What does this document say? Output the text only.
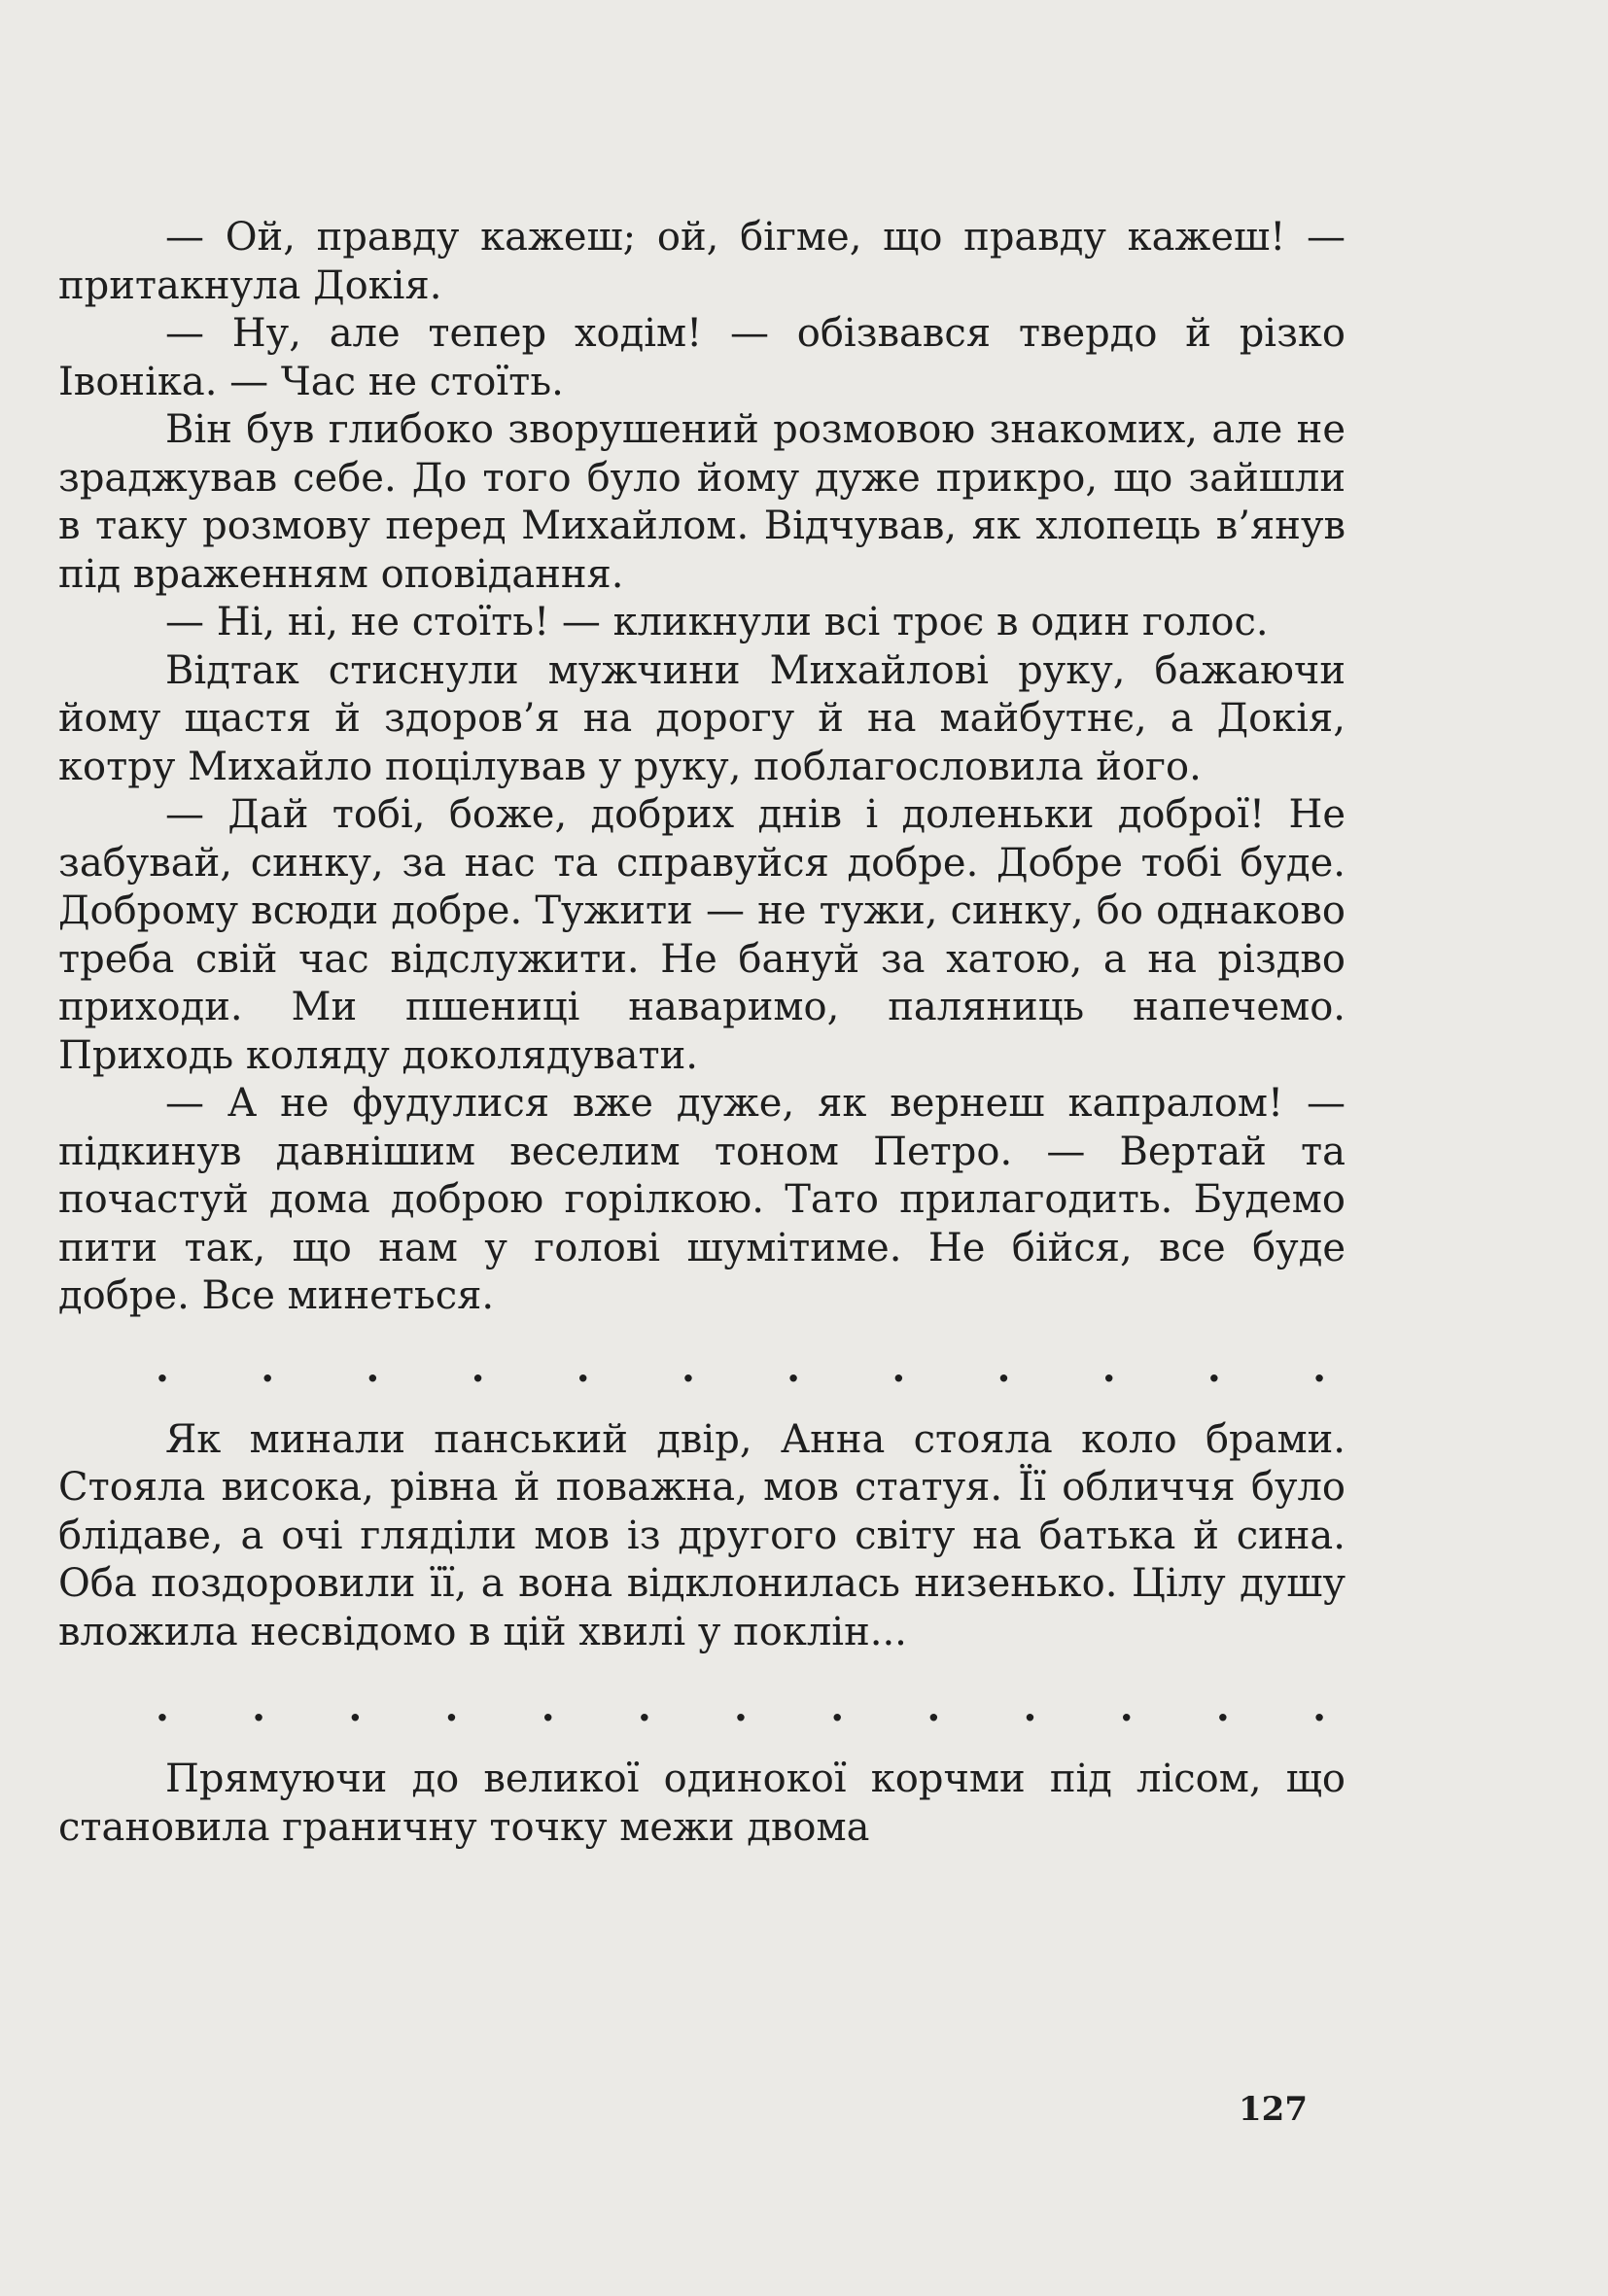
— Ой, правду кажеш; ой, бігме, що правду кажеш! — притакнула Докія.

— Ну, але тепер ходім! — обізвався твердо й різко Івоніка. — Час не стоїть.

Він був глибоко зворушений розмовою знакомих, але не зраджував себе. До того було йому дуже прикро, що зайшли в таку розмову перед Михайлом. Відчував, як хлопець в’янув під враженням оповідання.

— Ні, ні, не стоїть! — кликнули всі троє в один голос.

Відтак стиснули мужчини Михайлові руку, бажаючи йому щастя й здоров’я на дорогу й на майбутнє, а Докія, котру Михайло поцілував у руку, поблагословила його.

— Дай тобі, боже, добрих днів і доленьки доброї! Не забувай, синку, за нас та справуйся добре. Добре тобі буде. Доброму всюди добре. Тужити — не тужи, синку, бо однаково треба свій час відслужити. Не бануй за хатою, а на різдво приходи. Ми пшениці наваримо, паляниць напечемо. Приходь коляду доколядувати.

— А не фудулися вже дуже, як вернеш капралом! — підкинув давнішим веселим тоном Петро. — Вертай та почастуй дома доброю горілкою. Тато прилагодить. Будемо пити так, що нам у голові шумітиме. Не бійся, все буде добре. Все минеться.

. . . . . . . . . . . .

Як минали панський двір, Анна стояла коло брами. Стояла висока, рівна й поважна, мов статуя. Її обличчя було блідаве, а очі гляділи мов із другого світу на батька й сина. Оба поздоровили її, а вона відклонилась низенько. Цілу душу вложила несвідомо в цій хвилі у поклін...

. . . . . . . . . . . . .

Прямуючи до великої одинокої корчми під лісом, що становила граничну точку межи двома

127
